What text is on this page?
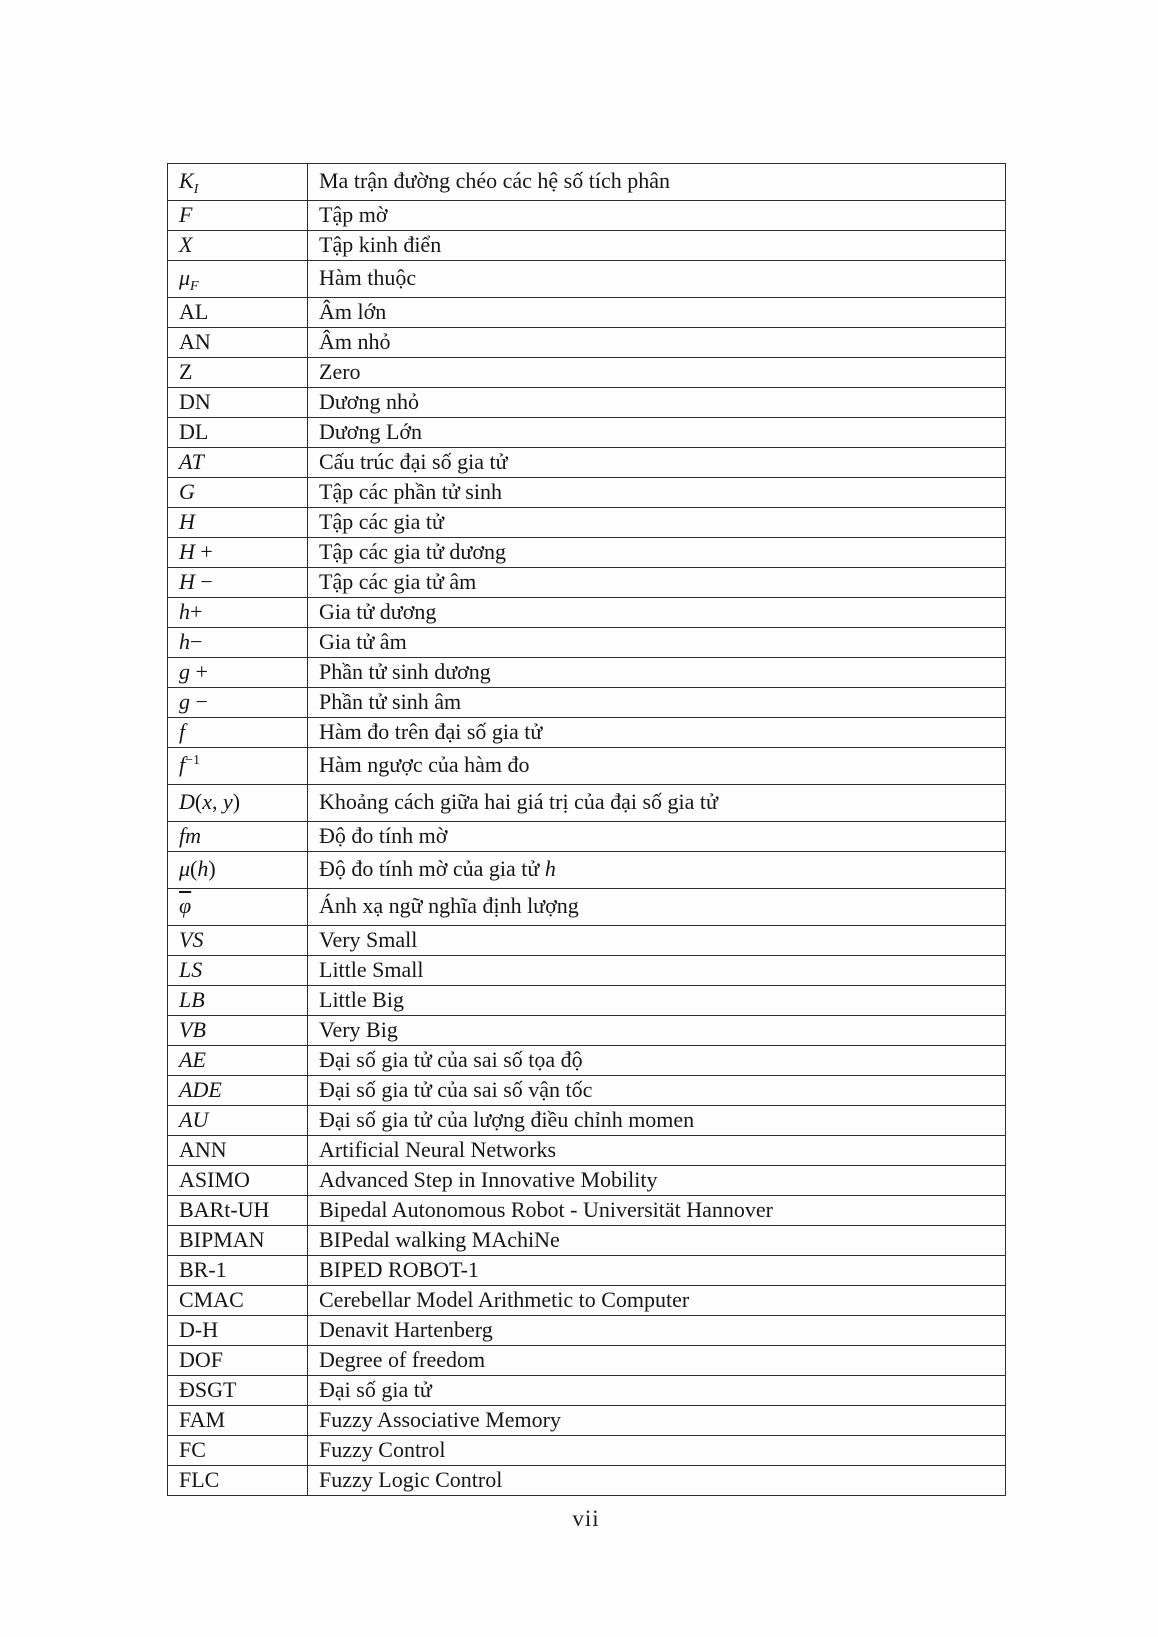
$K_I$	Ma trận đường chéo các hệ số tích phân
F	Tập mờ
X	Tập kinh điển
$\mu_F$	Hàm thuộc
AL	Âm lớn
AN	Âm nhỏ
Z	Zero
DN	Dương nhỏ
DL	Dương Lớn
AT	Cấu trúc đại số gia tử
G	Tập các phần tử sinh
H	Tập các gia tử
H +	Tập các gia tử dương
H −	Tập các gia tử âm
h+	Gia tử dương
h−	Gia tử âm
g +	Phần tử sinh dương
g −	Phần tử sinh âm
f	Hàm đo trên đại số gia tử
$f^{-1}$	Hàm ngược của hàm đo
D(x, y)	Khoảng cách giữa hai giá trị của đại số gia tử
fm	Độ đo tính mờ
μ(h)	Độ đo tính mờ của gia tử h
$\overline{\varphi}$	Ánh xạ ngữ nghĩa định lượng
VS	Very Small
LS	Little Small
LB	Little Big
VB	Very Big
AE	Đại số gia tử của sai số tọa độ
ADE	Đại số gia tử của sai số vận tốc
AU	Đại số gia tử của lượng điều chỉnh momen
ANN	Artificial Neural Networks
ASIMO	Advanced Step in Innovative Mobility
BARt-UH	Bipedal Autonomous Robot - Universität Hannover
BIPMAN	BIPedal walking MAchiNe
BR-1	BIPED ROBOT-1
CMAC	Cerebellar Model Arithmetic to Computer
D-H	Denavit Hartenberg
DOF	Degree of freedom
ĐSGT	Đại số gia tử
FAM	Fuzzy Associative Memory
FC	Fuzzy Control
FLC	Fuzzy Logic Control
vii
